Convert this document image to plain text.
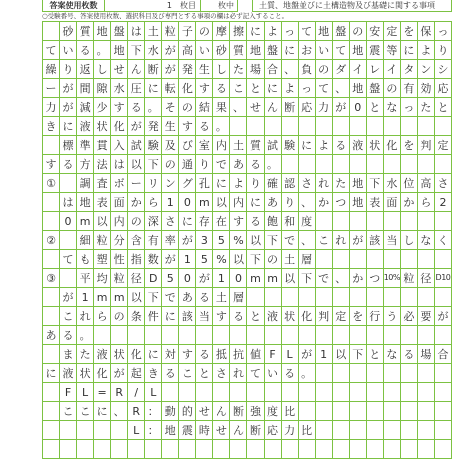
答案使用枚数	1 枚目	枚中	土質、地盤並びに土構造物及び基礎に関する事項
○受験番号、答案使用枚数、選択科目及び専門とする事項の欄は必ず記入すること。
砂 質 地 盤 は 土 粒 子 の 摩 擦 に よ っ て 地 盤 の 安 定 を 保 っ
て い る 。 地 下 水 が 高 い 砂 質 地 盤 に お い て 地 震 等 に よ り
繰 り 返 し せ ん 断 が 発 生 し た 場 合 、 負 の ダ イ レ イ タ ン シ
ー が 間 隙 水 圧 に 転 化 す る こ と に よ っ て 、 地 盤 の 有 効 応
力 が 減 少 す る 。 そ の 結 果 、 せ ん 断 応 力 が 0 と な っ た と
き に 液 状 化 が 発 生 す る 。
標 準 貫 入 試 験 及 び 室 内 土 質 試 験 に よ る 液 状 化 を 判 定
す る 方 法 は 以 下 の 通 り で あ る 。
①	調 査 ボ ー リ ン グ 孔 に よ り 確 認 さ れ た 地 下 水 位 高 さ
は 地 表 面 か ら 1 0 m 以 内 に あ り 、 か つ 地 表 面 か ら 2
0 m 以 内 の 深 さ に 存 在 す る 飽 和 度
②	細 粒 分 含 有 率 が 3 5 % 以 下 で 、 こ れ が 該 当 し な く
て も 塑 性 指 数 が 1 5 % 以 下 の 土 層
③	平 均 粒 径 D 5 0 が 1 0 m m 以 下 で 、 か つ 10% 粒 径 D10
が 1 m m 以 下 で あ る 土 層
こ れ ら の 条 件 に 該 当 す る と 液 状 化 判 定 を 行 う 必 要 が
あ る 。
ま た 液 状 化 に 対 す る 抵 抗 値 F L が 1 以 下 と な る 場 合
に 液 状 化 が 起 き る こ と さ れ て い る 。
F L = R	/	L
こ こ に 、 R ： 動 的 せ ん 断 強 度 比
L ： 地 震 時 せ ん 断 応 力 比
